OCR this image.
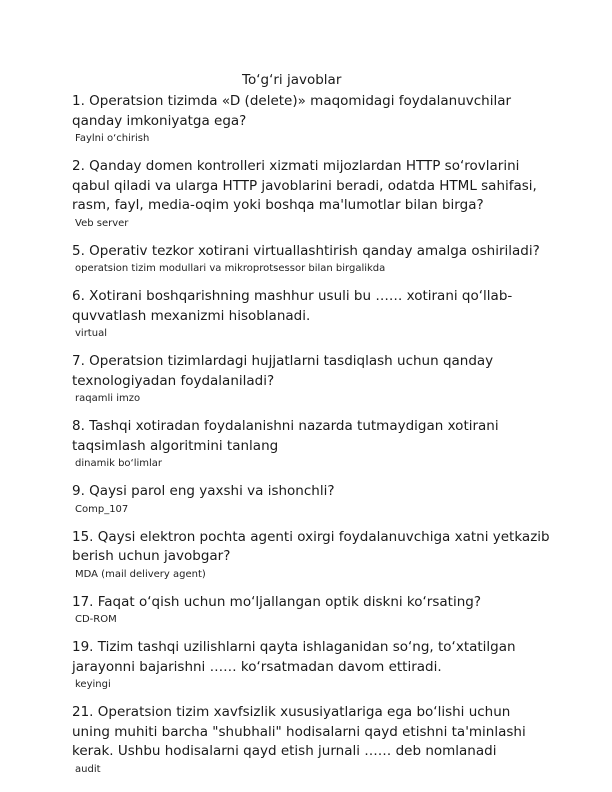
To‘g‘ri javoblar

1. Operatsion tizimda «D (delete)» maqomidagi foydalanuvchilar qanday imkoniyatga ega?

Faylni o‘chirish

2. Qanday domen kontrolleri xizmati mijozlardan HTTP so‘rovlarini qabul qiladi va ularga HTTP javoblarini beradi, odatda HTML sahifasi, rasm, fayl, media-oqim yoki boshqa ma'lumotlar bilan birga?

Veb server

5. Operativ tezkor xotirani virtuallashtirish qanday amalga oshiriladi?

operatsion tizim modullari va mikroprotsessor bilan birgalikda

6. Xotirani boshqarishning mashhur usuli bu …… xotirani qo‘llab-quvvatlash mexanizmi hisoblanadi.

virtual

7. Operatsion tizimlardagi hujjatlarni tasdiqlash uchun qanday texnologiyadan foydalaniladi?

raqamli imzo

8. Tashqi xotiradan foydalanishni nazarda tutmaydigan xotirani taqsimlash algoritmini tanlang

dinamik bo‘limlar

9. Qaysi parol eng yaxshi va ishonchli?

Comp_107

15. Qaysi elektron pochta agenti oxirgi foydalanuvchiga xatni yetkazib berish uchun javobgar?

MDA (mail delivery agent)

17. Faqat o‘qish uchun mo‘ljallangan optik diskni ko‘rsating?

CD-ROM

19. Tizim tashqi uzilishlarni qayta ishlaganidan so‘ng, to‘xtatilgan jarayonni bajarishni …… ko‘rsatmadan davom ettiradi.

keyingi

21. Operatsion tizim xavfsizlik xususiyatlariga ega bo‘lishi uchun uning muhiti barcha "shubhali" hodisalarni qayd etishni ta'minlashi kerak. Ushbu hodisalarni qayd etish jurnali …… deb nomlanadi

audit
